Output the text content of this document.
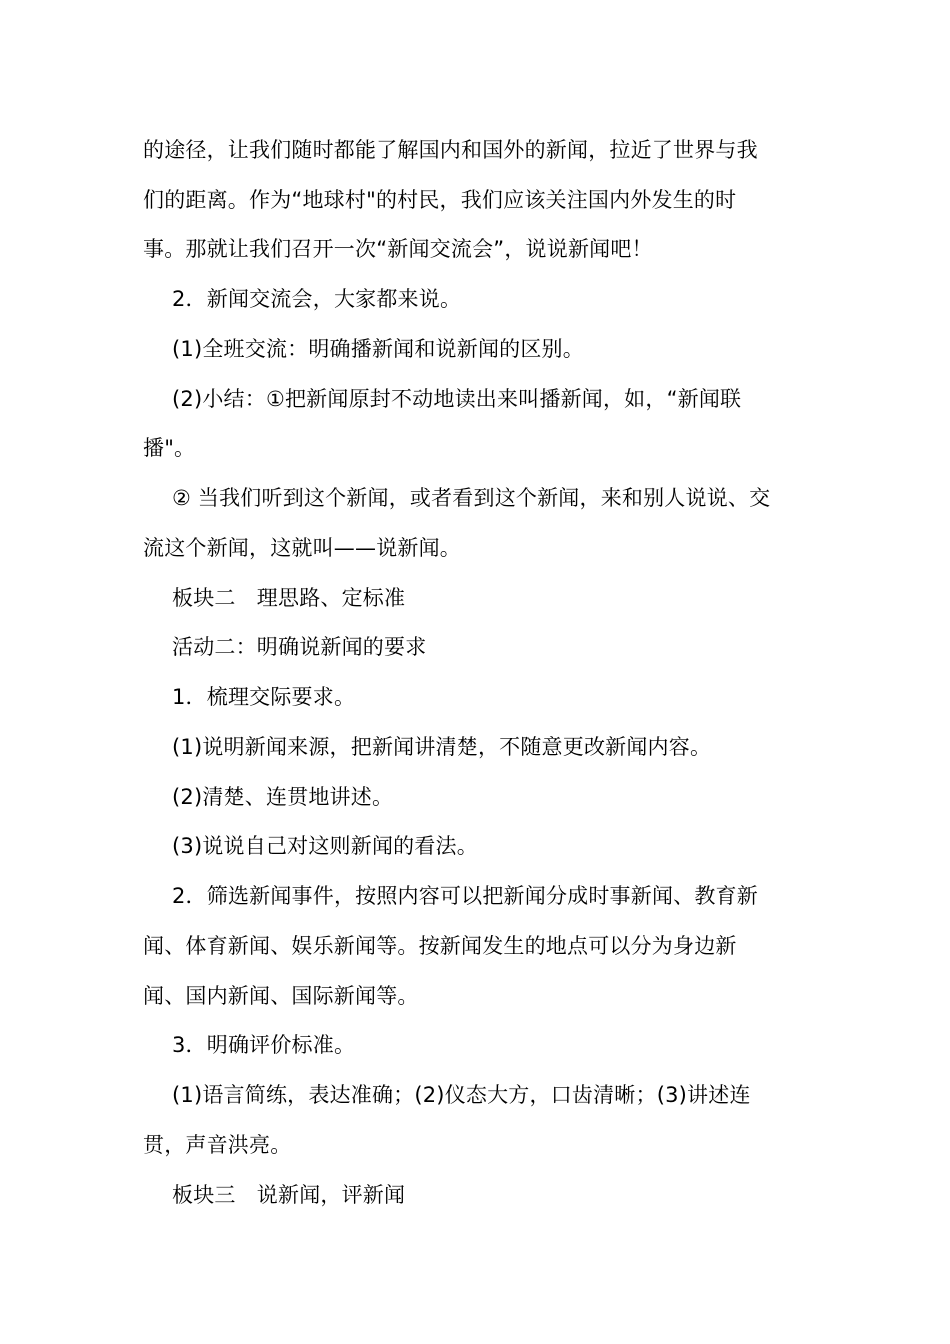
的途径，让我们随时都能了解国内和国外的新闻，拉近了世界与我
们的距离。作为“地球村"的村民，我们应该关注国内外发生的时
事。那就让我们召开一次“新闻交流会”，说说新闻吧！
2．新闻交流会，大家都来说。
(1)全班交流：明确播新闻和说新闻的区别。
(2)小结：①把新闻原封不动地读出来叫播新闻，如，“新闻联
播"。
② 当我们听到这个新闻，或者看到这个新闻，来和别人说说、交
流这个新闻，这就叫——说新闻。
板块二　理思路、定标准
活动二：明确说新闻的要求
1．梳理交际要求。
(1)说明新闻来源，把新闻讲清楚，不随意更改新闻内容。
(2)清楚、连贯地讲述。
(3)说说自己对这则新闻的看法。
2．筛选新闻事件，按照内容可以把新闻分成时事新闻、教育新
闻、体育新闻、娱乐新闻等。按新闻发生的地点可以分为身边新
闻、国内新闻、国际新闻等。
3．明确评价标准。
(1)语言简练，表达准确；(2)仪态大方，口齿清晰；(3)讲述连
贯，声音洪亮。
板块三　说新闻，评新闻
